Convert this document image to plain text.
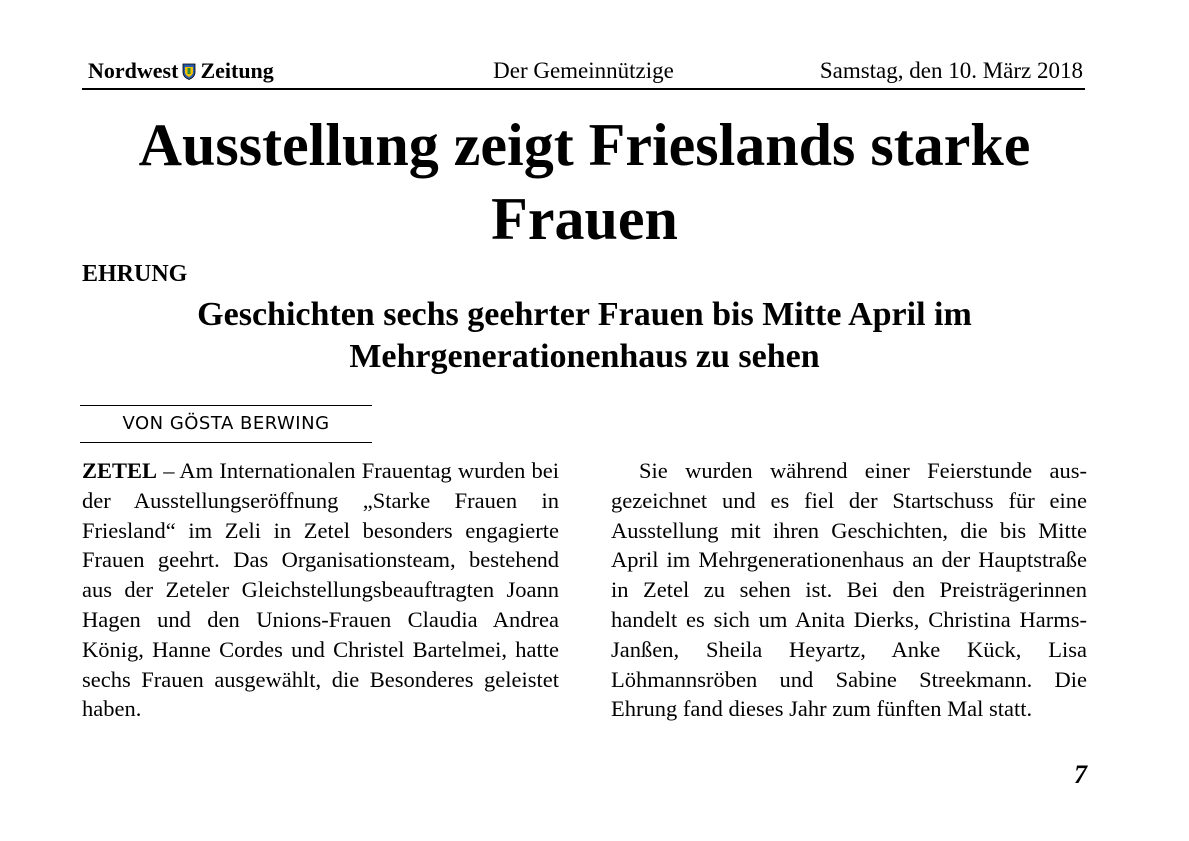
Nordwest Zeitung	Der Gemeinnützige	Samstag, den 10. März 2018
Ausstellung zeigt Frieslands starke Frauen
EHRUNG
Geschichten sechs geehrter Frauen bis Mitte April im Mehrgenerationenhaus zu sehen
VON GÖSTA BERWING

ZETEL – Am Internationalen Frauentag wurden bei der Ausstellungseröffnung „Starke Frauen in Friesland“ im Zeli in Zetel besonders engagierte Frauen geehrt. Das Organisationsteam, bestehend aus der Zeteler Gleichstellungsbeauftragten Joann Hagen und den Unions-Frauen Claudia Andrea König, Hanne Cordes und Christel Bartelmei, hatte sechs Frauen ausgewählt, die Besonderes geleistet haben.

Sie wurden während einer Feierstunde ausgezeichnet und es fiel der Startschuss für eine Ausstellung mit ihren Geschichten, die bis Mitte April im Mehrgenerationenhaus an der Hauptstraße in Zetel zu sehen ist. Bei den Preisträgerinnen handelt es sich um Anita Dierks, Christina Harms-Janßen, Sheila Heyartz, Anke Kück, Lisa Löhmannsröben und Sabine Streekmann. Die Ehrung fand dieses Jahr zum fünften Mal statt.

7
